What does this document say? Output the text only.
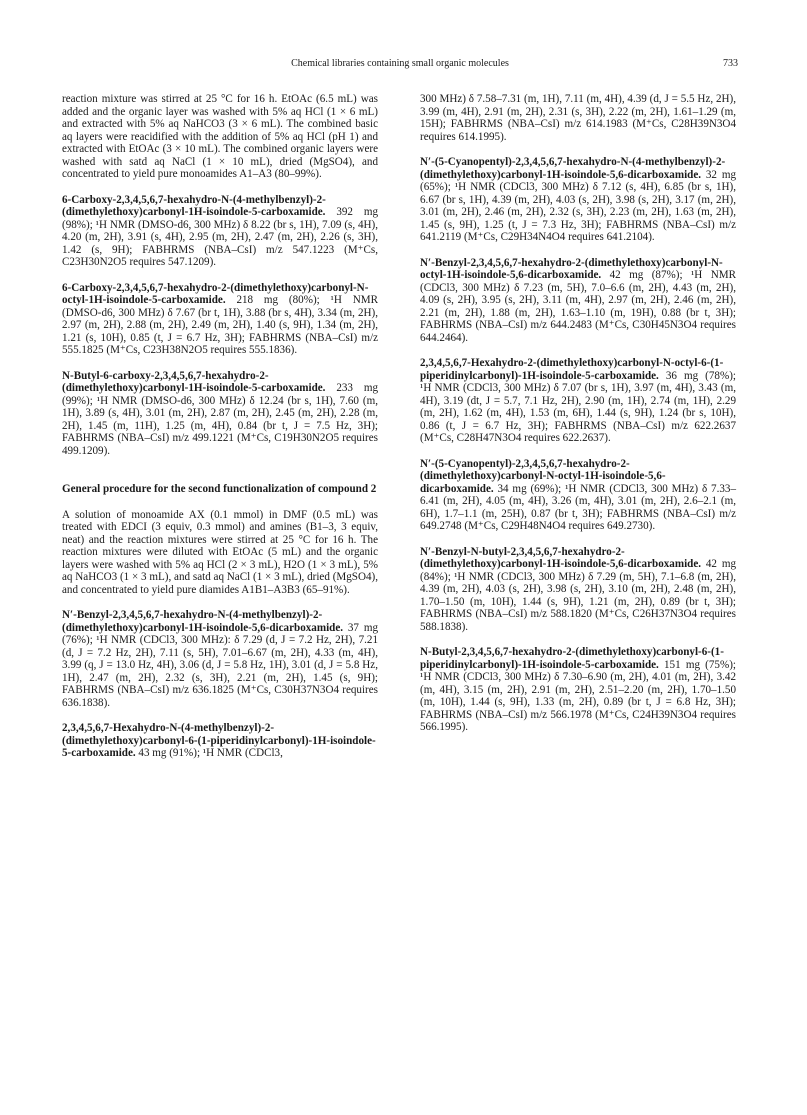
Chemical libraries containing small organic molecules	733

reaction mixture was stirred at 25 °C for 16 h. EtOAc (6.5 mL) was added and the organic layer was washed with 5% aq HCl (1 × 6 mL) and extracted with 5% aq NaHCO3 (3 × 6 mL). The combined basic aq layers were reacidified with the addition of 5% aq HCl (pH 1) and extracted with EtOAc (3 × 10 mL). The combined organic layers were washed with satd aq NaCl (1 × 10 mL), dried (MgSO4), and concentrated to yield pure monoamides A1–A3 (80–99%).

6-Carboxy-2,3,4,5,6,7-hexahydro-N-(4-methylbenzyl)-2-(dimethylethoxy)carbonyl-1H-isoindole-5-carboxamide. 392 mg (98%); ¹H NMR (DMSO-d6, 300 MHz) δ 8.22 (br s, 1H), 7.09 (s, 4H), 4.20 (m, 2H), 3.91 (s, 4H), 2.95 (m, 2H), 2.47 (m, 2H), 2.26 (s, 3H), 1.42 (s, 9H); FABHRMS (NBA–CsI) m/z 547.1223 (M⁺Cs, C23H30N2O5 requires 547.1209).

6-Carboxy-2,3,4,5,6,7-hexahydro-2-(dimethylethoxy)carbonyl-N-octyl-1H-isoindole-5-carboxamide. 218 mg (80%); ¹H NMR (DMSO-d6, 300 MHz) δ 7.67 (br t, 1H), 3.88 (br s, 4H), 3.34 (m, 2H), 2.97 (m, 2H), 2.88 (m, 2H), 2.49 (m, 2H), 1.40 (s, 9H), 1.34 (m, 2H), 1.21 (s, 10H), 0.85 (t, J = 6.7 Hz, 3H); FABHRMS (NBA–CsI) m/z 555.1825 (M⁺Cs, C23H38N2O5 requires 555.1836).

N-Butyl-6-carboxy-2,3,4,5,6,7-hexahydro-2-(dimethylethoxy)carbonyl-1H-isoindole-5-carboxamide. 233 mg (99%); ¹H NMR (DMSO-d6, 300 MHz) δ 12.24 (br s, 1H), 7.60 (m, 1H), 3.89 (s, 4H), 3.01 (m, 2H), 2.87 (m, 2H), 2.45 (m, 2H), 2.28 (m, 2H), 1.45 (m, 11H), 1.25 (m, 4H), 0.84 (br t, J = 7.5 Hz, 3H); FABHRMS (NBA–CsI) m/z 499.1221 (M⁺Cs, C19H30N2O5 requires 499.1209).

General procedure for the second functionalization of compound 2

A solution of monoamide AX (0.1 mmol) in DMF (0.5 mL) was treated with EDCI (3 equiv, 0.3 mmol) and amines (B1–3, 3 equiv, neat) and the reaction mixtures were stirred at 25 °C for 16 h. The reaction mixtures were diluted with EtOAc (5 mL) and the organic layers were washed with 5% aq HCl (2 × 3 mL), H2O (1 × 3 mL), 5% aq NaHCO3 (1 × 3 mL), and satd aq NaCl (1 × 3 mL), dried (MgSO4), and concentrated to yield pure diamides A1B1–A3B3 (65–91%).

N′-Benzyl-2,3,4,5,6,7-hexahydro-N-(4-methylbenzyl)-2-(dimethylethoxy)carbonyl-1H-isoindole-5,6-dicarboxamide. 37 mg (76%); ¹H NMR (CDCl3, 300 MHz): δ 7.29 (d, J = 7.2 Hz, 2H), 7.21 (d, J = 7.2 Hz, 2H), 7.11 (s, 5H), 7.01–6.67 (m, 2H), 4.33 (m, 4H), 3.99 (q, J = 13.0 Hz, 4H), 3.06 (d, J = 5.8 Hz, 1H), 3.01 (d, J = 5.8 Hz, 1H), 2.47 (m, 2H), 2.32 (s, 3H), 2.21 (m, 2H), 1.45 (s, 9H); FABHRMS (NBA–CsI) m/z 636.1825 (M⁺Cs, C30H37N3O4 requires 636.1838).

2,3,4,5,6,7-Hexahydro-N-(4-methylbenzyl)-2-(dimethylethoxy)carbonyl-6-(1-piperidinylcarbonyl)-1H-isoindole-5-carboxamide. 43 mg (91%); ¹H NMR (CDCl3,

300 MHz) δ 7.58–7.31 (m, 1H), 7.11 (m, 4H), 4.39 (d, J = 5.5 Hz, 2H), 3.99 (m, 4H), 2.91 (m, 2H), 2.31 (s, 3H), 2.22 (m, 2H), 1.61–1.29 (m, 15H); FABHRMS (NBA–CsI) m/z 614.1983 (M⁺Cs, C28H39N3O4 requires 614.1995).

N′-(5-Cyanopentyl)-2,3,4,5,6,7-hexahydro-N-(4-methylbenzyl)-2-(dimethylethoxy)carbonyl-1H-isoindole-5,6-dicarboxamide. 32 mg (65%); ¹H NMR (CDCl3, 300 MHz) δ 7.12 (s, 4H), 6.85 (br s, 1H), 6.67 (br s, 1H), 4.39 (m, 2H), 4.03 (s, 2H), 3.98 (s, 2H), 3.17 (m, 2H), 3.01 (m, 2H), 2.46 (m, 2H), 2.32 (s, 3H), 2.23 (m, 2H), 1.63 (m, 2H), 1.45 (s, 9H), 1.25 (t, J = 7.3 Hz, 3H); FABHRMS (NBA–CsI) m/z 641.2119 (M⁺Cs, C29H34N4O4 requires 641.2104).

N′-Benzyl-2,3,4,5,6,7-hexahydro-2-(dimethylethoxy)carbonyl-N-octyl-1H-isoindole-5,6-dicarboxamide. 42 mg (87%); ¹H NMR (CDCl3, 300 MHz) δ 7.23 (m, 5H), 7.0–6.6 (m, 2H), 4.43 (m, 2H), 4.09 (s, 2H), 3.95 (s, 2H), 3.11 (m, 4H), 2.97 (m, 2H), 2.46 (m, 2H), 2.21 (m, 2H), 1.88 (m, 2H), 1.63–1.10 (m, 19H), 0.88 (br t, 3H); FABHRMS (NBA–CsI) m/z 644.2483 (M⁺Cs, C30H45N3O4 requires 644.2464).

2,3,4,5,6,7-Hexahydro-2-(dimethylethoxy)carbonyl-N-octyl-6-(1-piperidinylcarbonyl)-1H-isoindole-5-carboxamide. 36 mg (78%); ¹H NMR (CDCl3, 300 MHz) δ 7.07 (br s, 1H), 3.97 (m, 4H), 3.43 (m, 4H), 3.19 (dt, J = 5.7, 7.1 Hz, 2H), 2.90 (m, 1H), 2.74 (m, 1H), 2.29 (m, 2H), 1.62 (m, 4H), 1.53 (m, 6H), 1.44 (s, 9H), 1.24 (br s, 10H), 0.86 (t, J = 6.7 Hz, 3H); FABHRMS (NBA–CsI) m/z 622.2637 (M⁺Cs, C28H47N3O4 requires 622.2637).

N′-(5-Cyanopentyl)-2,3,4,5,6,7-hexahydro-2-(dimethylethoxy)carbonyl-N-octyl-1H-isoindole-5,6-dicarboxamide. 34 mg (69%); ¹H NMR (CDCl3, 300 MHz) δ 7.33–6.41 (m, 2H), 4.05 (m, 4H), 3.26 (m, 4H), 3.01 (m, 2H), 2.6–2.1 (m, 6H), 1.7–1.1 (m, 25H), 0.87 (br t, 3H); FABHRMS (NBA–CsI) m/z 649.2748 (M⁺Cs, C29H48N4O4 requires 649.2730).

N′-Benzyl-N-butyl-2,3,4,5,6,7-hexahydro-2-(dimethylethoxy)carbonyl-1H-isoindole-5,6-dicarboxamide. 42 mg (84%); ¹H NMR (CDCl3, 300 MHz) δ 7.29 (m, 5H), 7.1–6.8 (m, 2H), 4.39 (m, 2H), 4.03 (s, 2H), 3.98 (s, 2H), 3.10 (m, 2H), 2.48 (m, 2H), 1.70–1.50 (m, 10H), 1.44 (s, 9H), 1.21 (m, 2H), 0.89 (br t, 3H); FABHRMS (NBA–CsI) m/z 588.1820 (M⁺Cs, C26H37N3O4 requires 588.1838).

N-Butyl-2,3,4,5,6,7-hexahydro-2-(dimethylethoxy)carbonyl-6-(1-piperidinylcarbonyl)-1H-isoindole-5-carboxamide. 151 mg (75%); ¹H NMR (CDCl3, 300 MHz) δ 7.30–6.90 (m, 2H), 4.01 (m, 2H), 3.42 (m, 4H), 3.15 (m, 2H), 2.91 (m, 2H), 2.51–2.20 (m, 2H), 1.70–1.50 (m, 10H), 1.44 (s, 9H), 1.33 (m, 2H), 0.89 (br t, J = 6.8 Hz, 3H); FABHRMS (NBA–CsI) m/z 566.1978 (M⁺Cs, C24H39N3O4 requires 566.1995).
